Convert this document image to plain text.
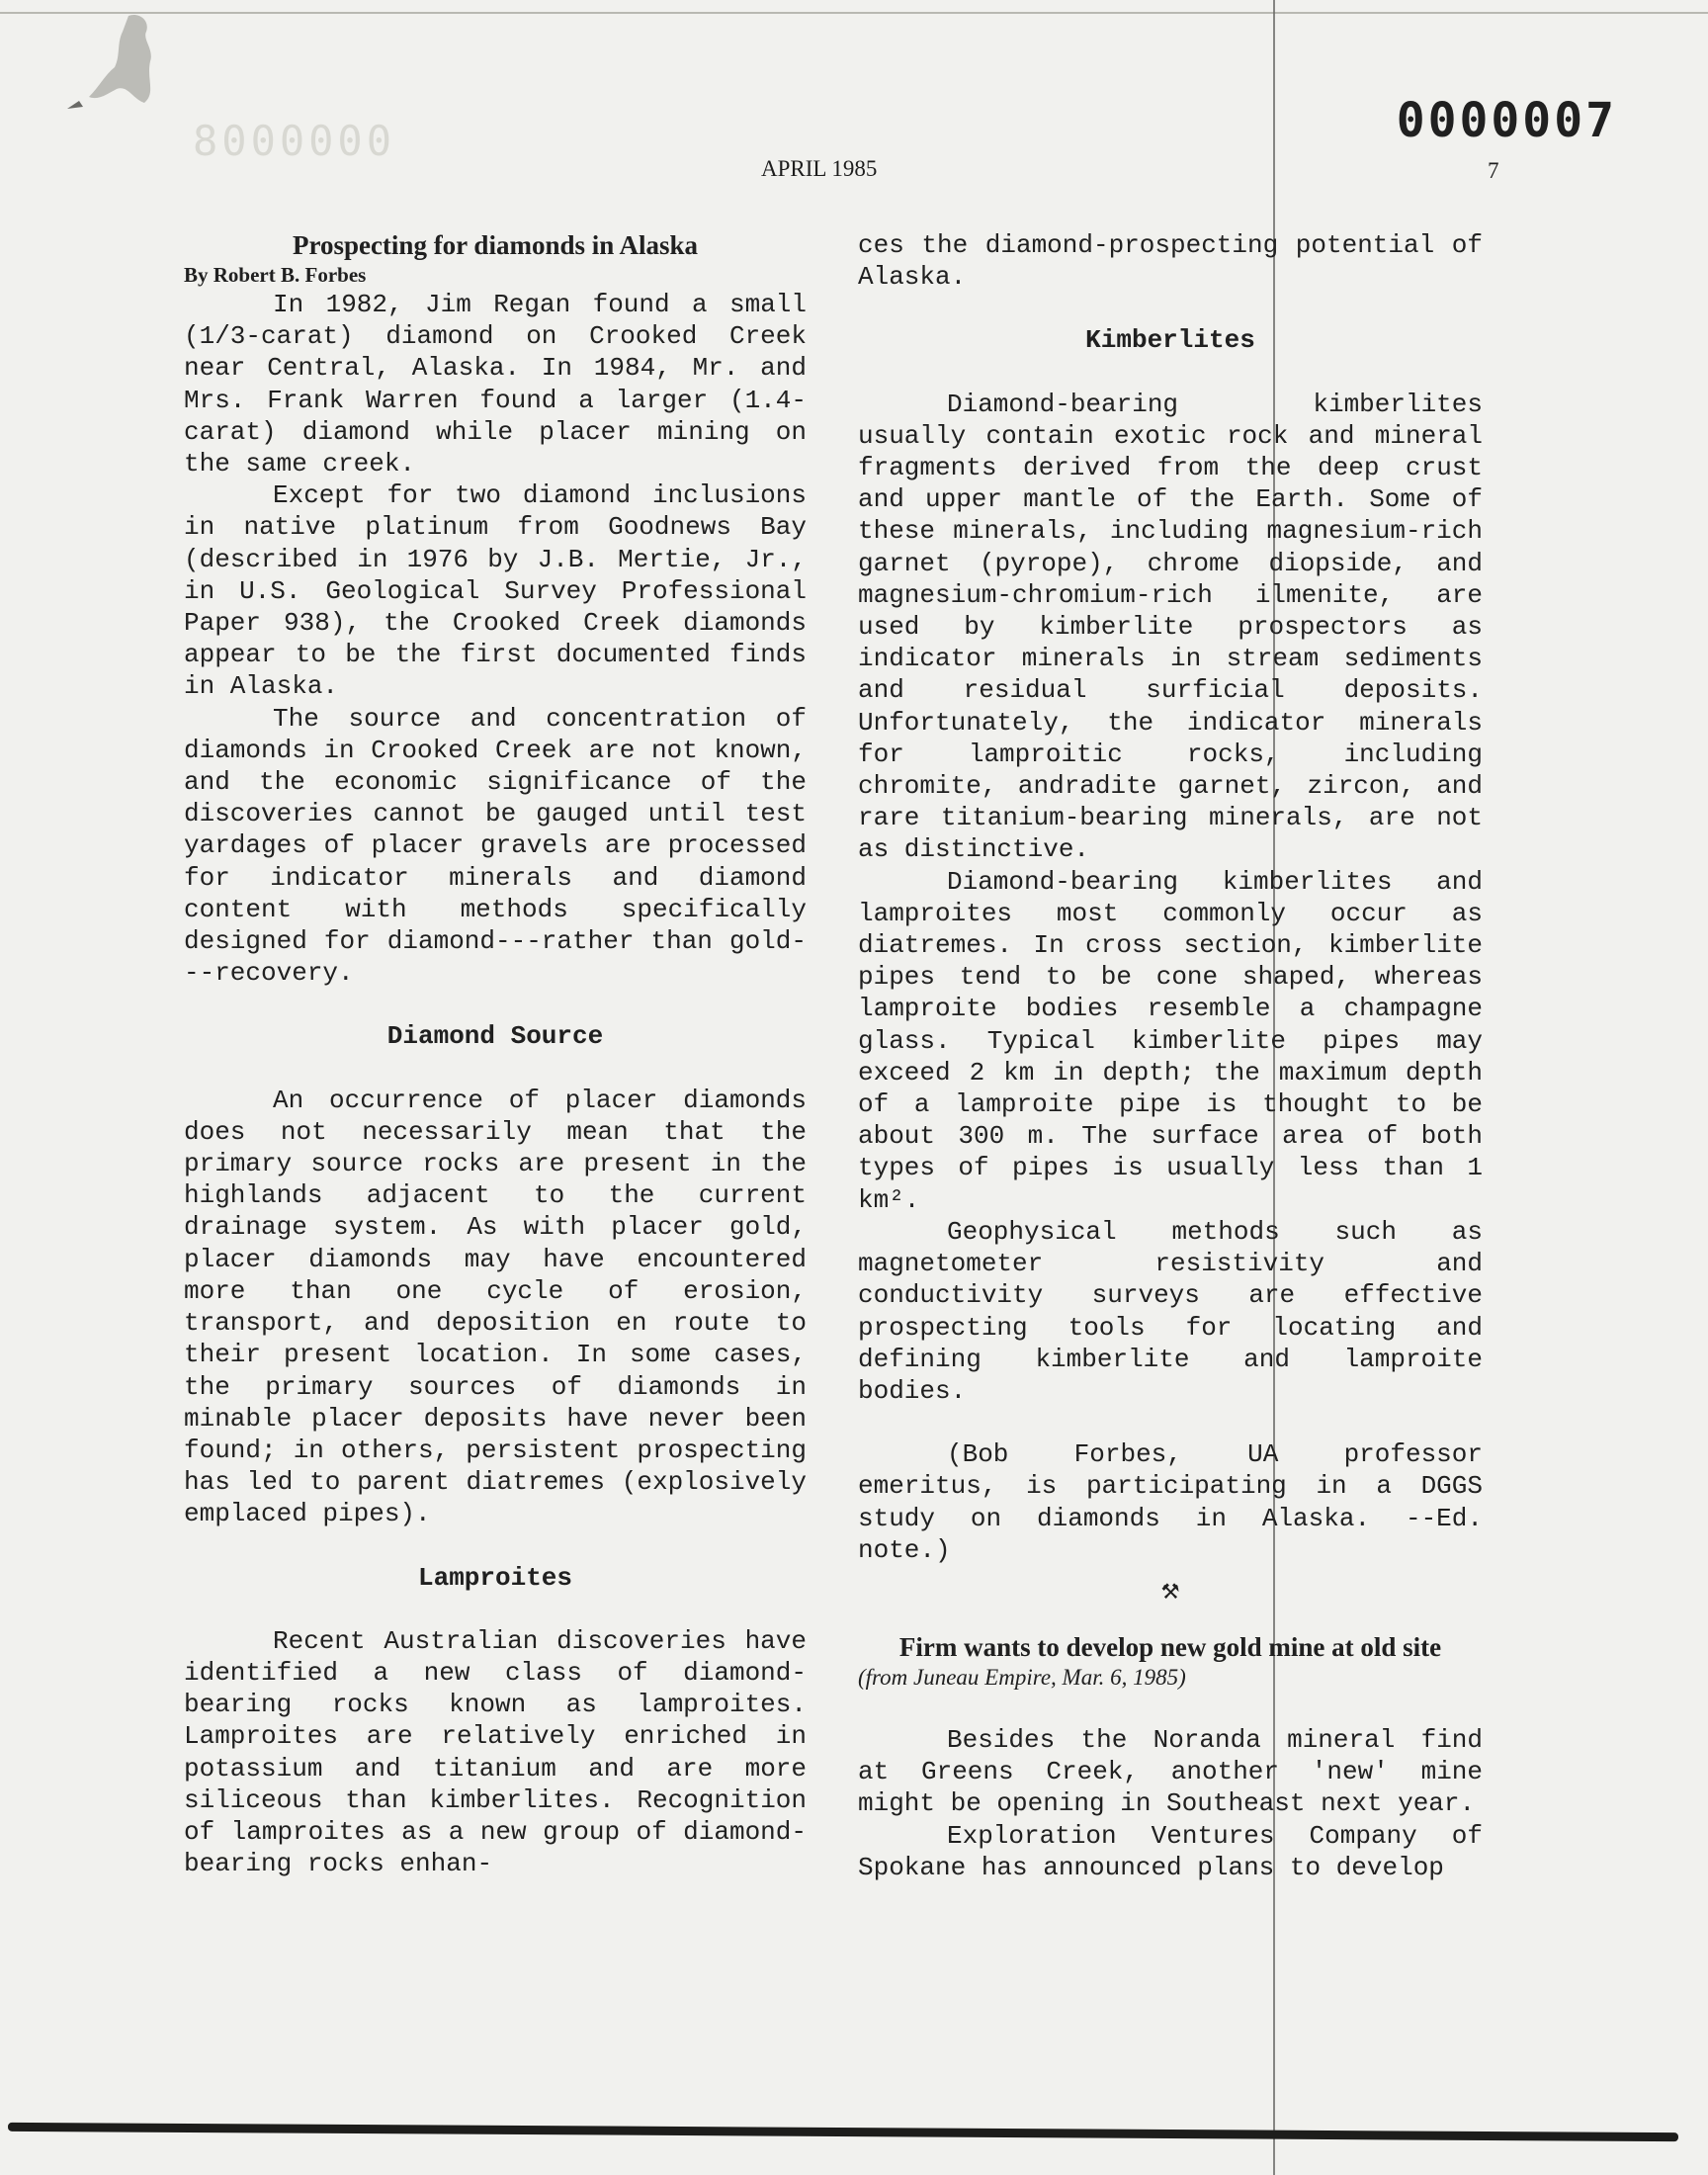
8000000	0000007
APRIL 1985	7
Prospecting for diamonds in Alaska

By Robert B. Forbes

In 1982, Jim Regan found a small (1/3-carat) diamond on Crooked Creek near Central, Alaska. In 1984, Mr. and Mrs. Frank Warren found a larger (1.4-carat) diamond while placer mining on the same creek.

Except for two diamond inclusions in native platinum from Goodnews Bay (described in 1976 by J.B. Mertie, Jr., in U.S. Geological Survey Professional Paper 938), the Crooked Creek diamonds appear to be the first documented finds in Alaska.

The source and concentration of diamonds in Crooked Creek are not known, and the economic significance of the discoveries cannot be gauged until test yardages of placer gravels are processed for indicator minerals and diamond content with methods specifically designed for diamond---rather than gold---recovery.

Diamond Source

An occurrence of placer diamonds does not necessarily mean that the primary source rocks are present in the highlands adjacent to the current drainage system. As with placer gold, placer diamonds may have encountered more than one cycle of erosion, transport, and deposition en route to their present location. In some cases, the primary sources of diamonds in minable placer deposits have never been found; in others, persistent prospecting has led to parent diatremes (explosively emplaced pipes).

Lamproites

Recent Australian discoveries have identified a new class of diamond-bearing rocks known as lamproites. Lamproites are relatively enriched in potassium and titanium and are more siliceous than kimberlites. Recognition of lamproites as a new group of diamond-bearing rocks enhan-

ces the diamond-prospecting potential of Alaska.

Kimberlites

Diamond-bearing kimberlites usually contain exotic rock and mineral fragments derived from the deep crust and upper mantle of the Earth. Some of these minerals, including magnesium-rich garnet (pyrope), chrome diopside, and magnesium-chromium-rich ilmenite, are used by kimberlite prospectors as indicator minerals in stream sediments and residual surficial deposits. Unfortunately, the indicator minerals for lamproitic rocks, including chromite, andradite garnet, zircon, and rare titanium-bearing minerals, are not as distinctive.

Diamond-bearing kimberlites and lamproites most commonly occur as diatremes. In cross section, kimberlite pipes tend to be cone shaped, whereas lamproite bodies resemble a champagne glass. Typical kimberlite pipes may exceed 2 km in depth; the maximum depth of a lamproite pipe is thought to be about 300 m. The surface area of both types of pipes is usually less than 1 km².

Geophysical methods such as magnetometer resistivity and conductivity surveys are effective prospecting tools for locating and defining kimberlite and lamproite bodies.

(Bob Forbes, UA professor emeritus, is participating in a DGGS study on diamonds in Alaska. --Ed. note.)

⚒
Firm wants to develop new gold mine at old site

(from Juneau Empire, Mar. 6, 1985)

Besides the Noranda mineral find at Greens Creek, another 'new' mine might be opening in Southeast next year.

Exploration Ventures Company of Spokane has announced plans to develop
